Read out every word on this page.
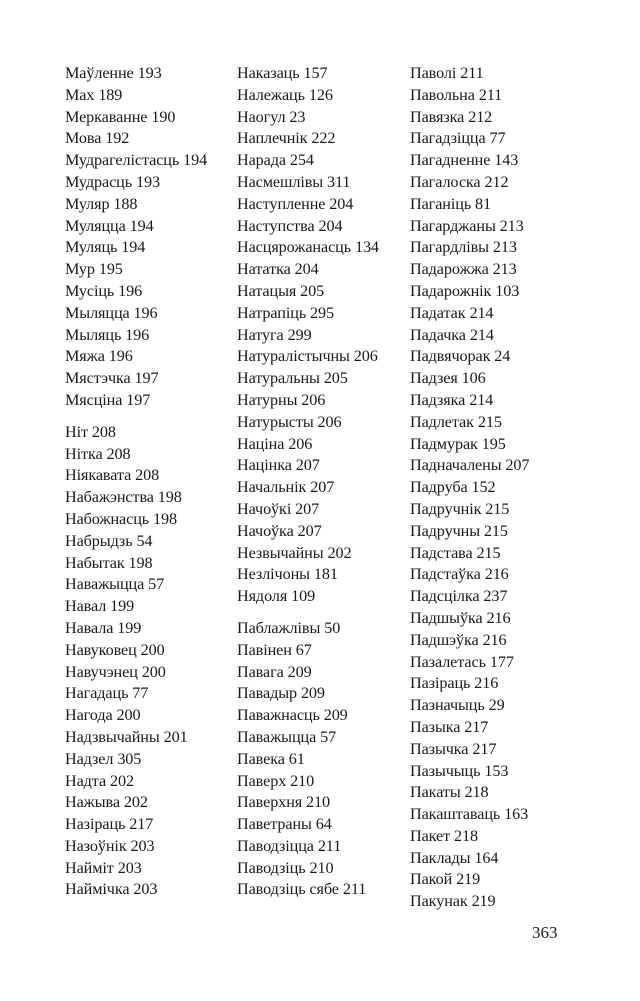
Маўленне 193
Мах 189
Меркаванне 190
Мова 192
Мудрагелістасць 194
Мудрасць 193
Муляр 188
Муляцца 194
Муляць 194
Мур 195
Мусіць 196
Мыляцца 196
Мыляць 196
Мяжа 196
Мястэчка 197
Мясціна 197
Ніт 208
Нітка 208
Ніякавата 208
Набажэнства 198
Набожнасць 198
Набрыдзь 54
Набытак 198
Наважыцца 57
Навал 199
Навала 199
Навуковец 200
Навучэнец 200
Нагадаць 77
Нагода 200
Надзвычайны 201
Надзел 305
Надта 202
Нажыва 202
Назіраць 217
Назоўнік 203
Наймiт 203
Наймічка 203
Наказаць 157
Належаць 126
Наогул 23
Наплечнік 222
Нарада 254
Насмешлівы 311
Наступленне 204
Наступства 204
Насцярожанасць 134
Нататка 204
Натацыя 205
Натрапіць 295
Натуга 299
Натуралістычны 206
Натуральны 205
Натурны 206
Натурысты 206
Нацiна 206
Націнка 207
Начальнік 207
Начоўкі 207
Начоўка 207
Незвычайны 202
Незлiчоны 181
Нядоля 109
Паблажлівы 50
Павінен 67
Павага 209
Павадыр 209
Паважнасць 209
Паважыцца 57
Павека 61
Паверх 210
Паверхня 210
Паветраны 64
Паводзіцца 211
Паводзіць 210
Паводзіць сябе 211
Паволі 211
Павольна 211
Павязка 212
Пагадзіцца 77
Пагадненне 143
Пагалоска 212
Паганіць 81
Пагарджаны 213
Пагардлівы 213
Падарожжа 213
Падарожнік 103
Падатак 214
Падачка 214
Падвячорак 24
Падзея 106
Падзяка 214
Падлетак 215
Падмурак 195
Падначалены 207
Падруба 152
Падручнік 215
Падручны 215
Падстава 215
Падстаўка 216
Падсцілка 237
Падшыўка 216
Падшэўка 216
Пазалетась 177
Пазіраць 216
Пазначыць 29
Пазыка 217
Пазычка 217
Пазычыць 153
Пакаты 218
Пакаштаваць 163
Пакет 218
Паклады 164
Пакой 219
Пакунак 219
363
